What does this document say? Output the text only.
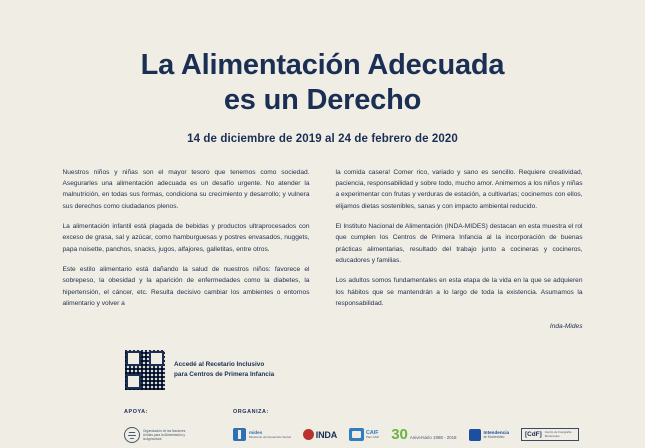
La Alimentación Adecuada
es un Derecho
14 de diciembre de 2019 al 24 de febrero de 2020

Nuestros niños y niñas son el mayor tesoro que tenemos como sociedad. Asegurarles una alimentación adecuada es un desafío urgente. No atender la malnutrición, en todas sus formas, condiciona su crecimiento y desarrollo; y vulnera sus derechos como ciudadanos plenos.

La alimentación infantil está plagada de bebidas y productos ultraprocesados con exceso de grasa, sal y azúcar, como hamburguesas y postres envasados, nuggets, papa noisette, panchos, snacks, jugos, alfajores, galletitas, entre otros.

Este estilo alimentario está dañando la salud de nuestros niños: favorece el sobrepeso, la obesidad y la aparición de enfermedades como la diabetes, la hipertensión, el cáncer, etc. Resulta decisivo cambiar los ambientes o entornos alimentario y volver a

la comida casera! Comer rico, variado y sano es sencillo. Requiere creatividad, paciencia, responsabilidad y sobre todo, mucho amor. Animemos a los niños y niñas a experimentar con frutas y verduras de estación, a cultivarlas; cocinemos con ellos, elijamos dietas sostenibles, sanas y con impacto ambiental reducido.

El Instituto Nacional de Alimentación (INDA-MIDES) destacan en esta muestra el rol que cumplen los Centros de Primera Infancia al la incorporación de buenas prácticas alimentarias, resultado del trabajo junto a cocineras y cocineros, educadores y familias.

Los adultos somos fundamentales en esta etapa de la vida en la que se adquieren los hábitos que se mantendrán a lo largo de toda la existencia. Asumamos la responsabilidad.

Inda-Mides
Accedé al Recetario Inclusivo
para Centros de Primera Infancia
APOYA:
Organización de las Naciones Unidas para la Alimentación y la Agricultura
ORGANIZA:
mides
Ministerio de Desarrollo Social	INDA	CAIF
Plan CAIF 30 Aniversario 1988 - 2018
Intendencia
de Montevideo	[CdF] Centro de Fotografía Montevideo
